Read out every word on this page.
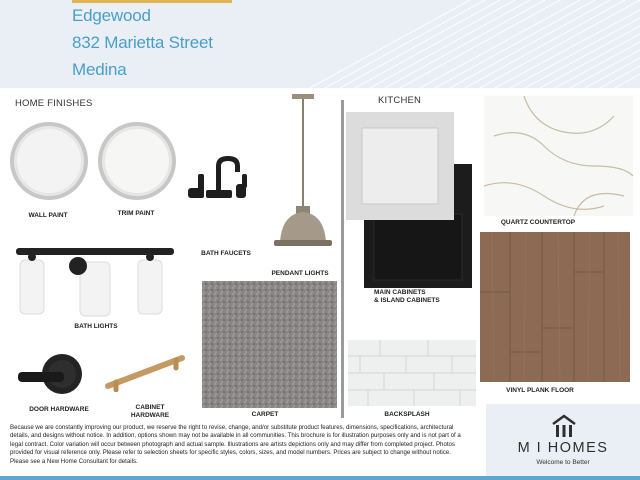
Edgewood
832 Marietta Street
Medina
HOME FINISHES	KITCHEN
WALL PAINT	TRIM PAINT
BATH FAUCETS
PENDANT LIGHTS
BATH LIGHTS
CARPET
DOOR HARDWARE	CABINET HARDWARE
MAIN CABINETS
& ISLAND CABINETS
QUARTZ COUNTERTOP
VINYL PLANK FLOOR
BACKSPLASH
Because we are constantly improving our product, we reserve the right to revise, change, and/or substitute product features, dimensions, specifications, architectural details, and designs without notice. In addition, options shown may not be available in all communities. This brochure is for illustration purposes only and is not part of a legal contract. Color variation will occur between photograph and actual sample. Illustrations are artists depictions only and may differ from completed project. Photos provided for visual reference only. Please refer to selection sheets for specific styles, colors, sizes, and model numbers. Prices are subject to change without notice. Please see a New Home Consultant for details.
M I HOMES
Welcome to Better
